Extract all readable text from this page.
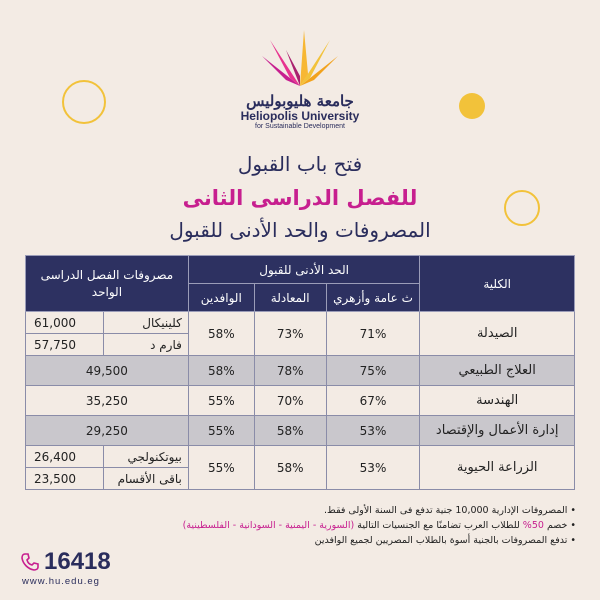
جامعة هليوبوليس
Heliopolis University
for Sustainable Development
فتح باب القبول
للفصل الدراسى الثانى
المصروفات والحد الأدنى للقبول
الكلية	الحد الأدنى للقبول			مصروفات الفصل الدراسى الواحد	
	ث عامة وأزهري	المعادلة	الوافدين		
الصيدلة	71%	73%	58%	كلينيكال	61,000
				فارم د	57,750
العلاج الطبيعي	75%	78%	58%	49,500	
الهندسة	67%	70%	55%	35,250	
إدارة الأعمال والإقتصاد	53%	58%	55%	29,250	
الزراعة الحيوية	53%	58%	55%	بيوتكنولجي	26,400
				باقى الأقسام	23,500
• المصروفات الإدارية 10,000 جنية تدفع فى السنة الأولى فقط.
• خصم 50% للطلاب العرب تضامنًا مع الجنسيات التالية (السورية - اليمنية - السودانية - الفلسطينية)
• تدفع المصروفات بالجنية أسوة بالطلاب المصريين لجميع الوافدين
16418
www.hu.edu.eg
